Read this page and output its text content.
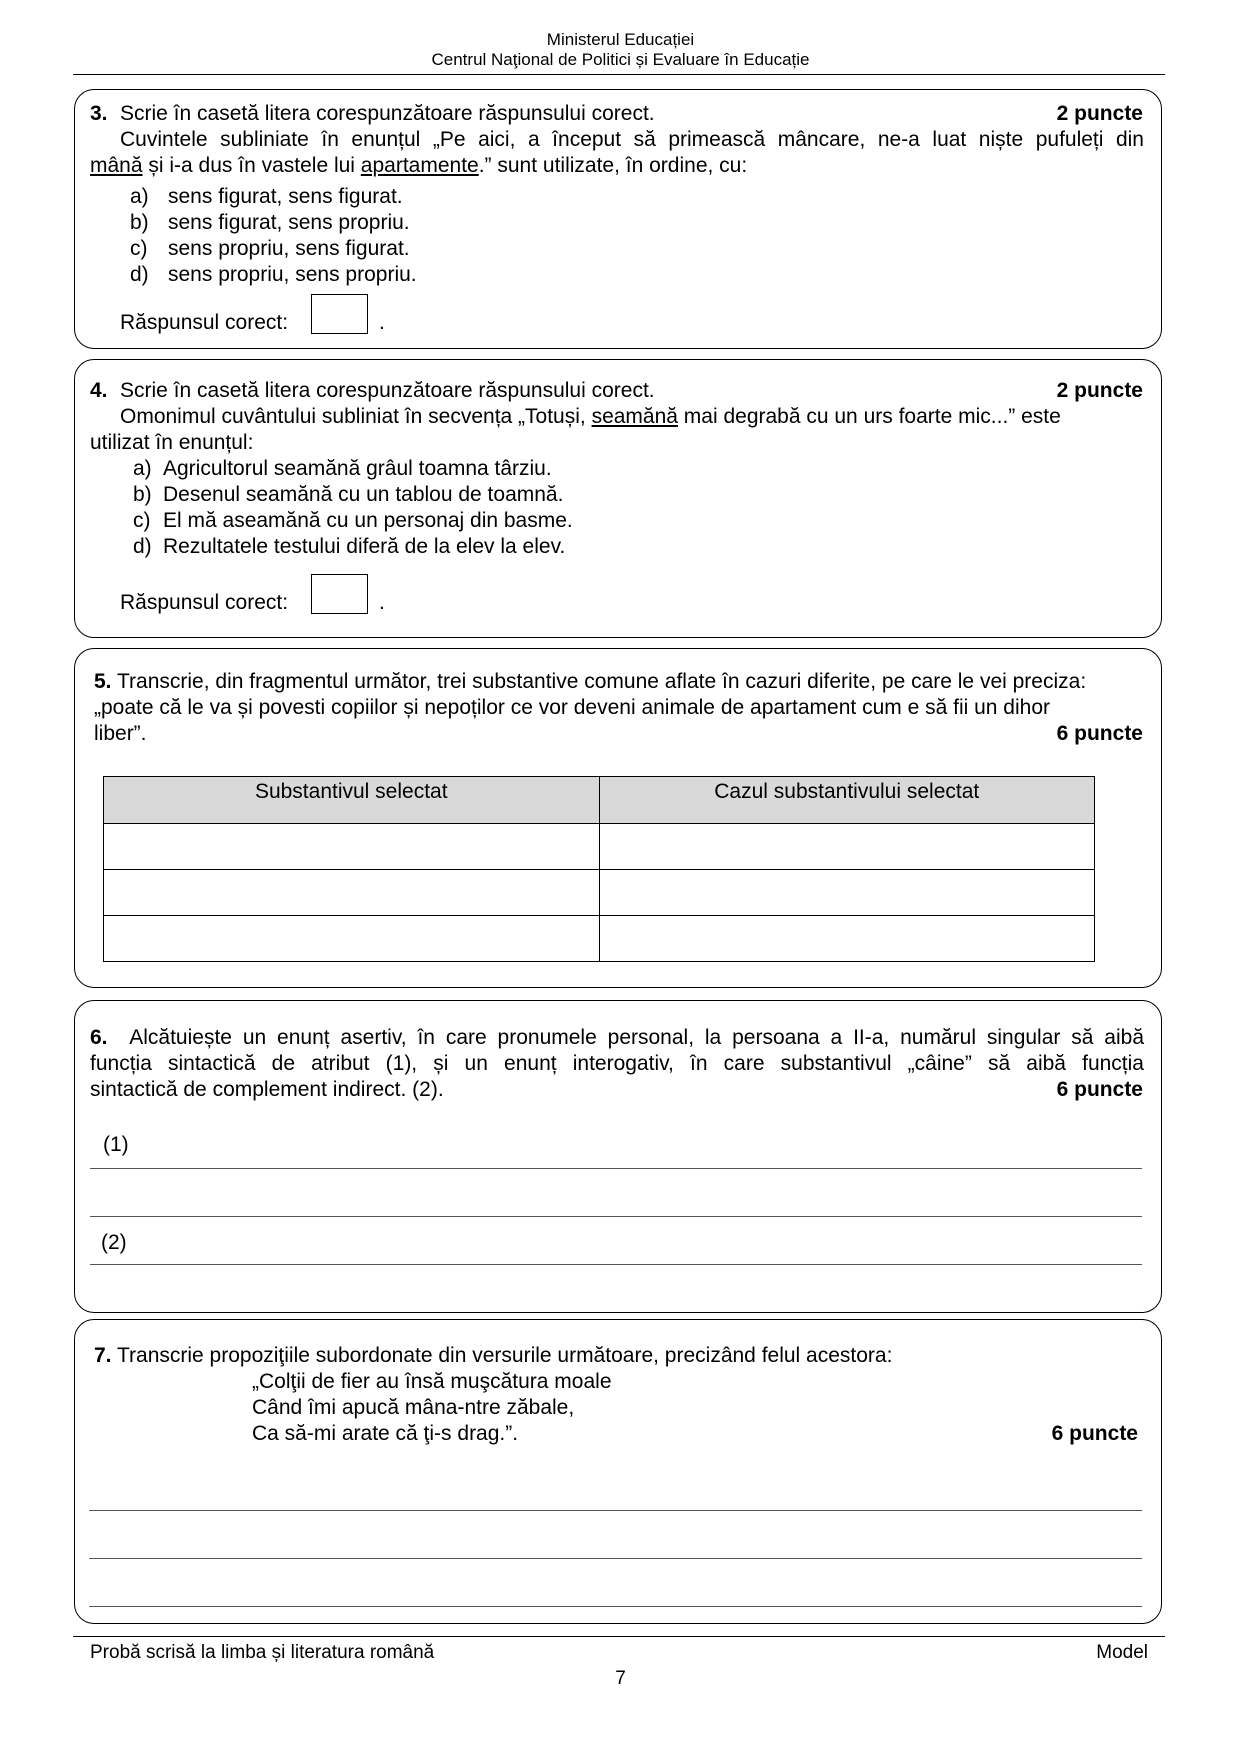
Ministerul Educației
Centrul Naţional de Politici și Evaluare în Educație
3. Scrie în casetă litera corespunzătoare răspunsului corect.	2 puncte
Cuvintele subliniate în enunțul „Pe aici, a început să primească mâncare, ne-a luat niște pufuleți din
mână și i-a dus în vastele lui apartamente.” sunt utilizate, în ordine, cu:
a) sens figurat, sens figurat.
b) sens figurat, sens propriu.
c) sens propriu, sens figurat.
d) sens propriu, sens propriu.
Răspunsul corect:	.
4. Scrie în casetă litera corespunzătoare răspunsului corect.	2 puncte
Omonimul cuvântului subliniat în secvența „Totuși, seamănă mai degrabă cu un urs foarte mic...” este
utilizat în enunțul:
a) Agricultorul seamănă grâul toamna târziu.
b) Desenul seamănă cu un tablou de toamnă.
c) El mă aseamănă cu un personaj din basme.
d) Rezultatele testului diferă de la elev la elev.
Răspunsul corect:	.
5. Transcrie, din fragmentul următor, trei substantive comune aflate în cazuri diferite, pe care le vei preciza:
„poate că le va și povesti copiilor și nepoților ce vor deveni animale de apartament cum e să fii un dihor
liber”.	6 puncte
Substantivul selectat	Cazul substantivului selectat

6. Alcătuiește un enunț asertiv, în care pronumele personal, la persoana a II-a, numărul singular să aibă
funcția sintactică de atribut (1), și un enunț interogativ, în care substantivul „câine” să aibă funcția
sintactică de complement indirect. (2).	6 puncte
(1)
(2)
7. Transcrie propoziţiile subordonate din versurile următoare, precizând felul acestora:
„Colţii de fier au însă muşcătura moale
Când îmi apucă mâna-ntre zăbale,
Ca să-mi arate că ţi-s drag.”.	6 puncte
Probă scrisă la limba și literatura română	Model
7
